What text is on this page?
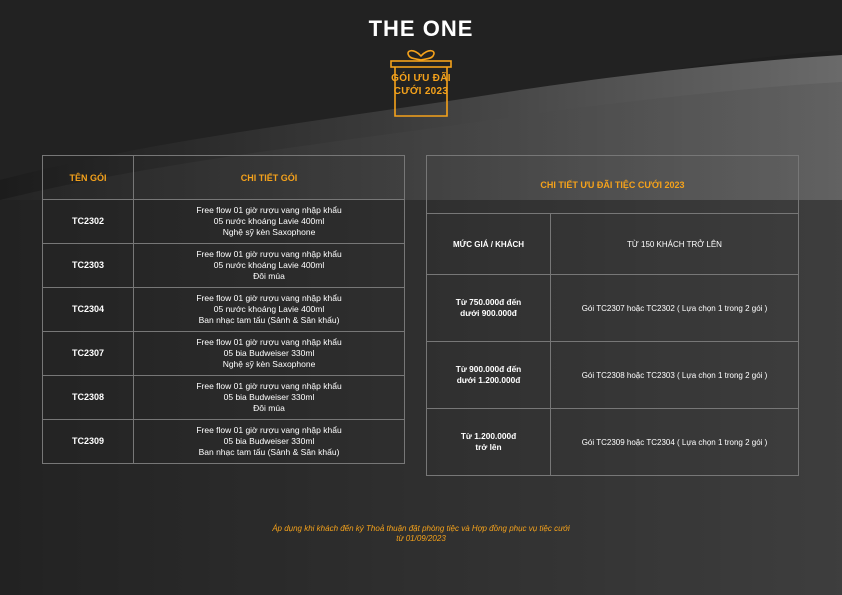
THE ONE
GÓI ƯU ĐÃI
CƯỚI 2023
TÊN GÓI	CHI TIẾT GÓI
TC2302	Free flow 01 giờ rượu vang nhập khẩu
05 nước khoáng Lavie 400ml
Nghệ sỹ kèn Saxophone

TC2303	Free flow 01 giờ rượu vang nhập khẩu
05 nước khoáng Lavie 400ml
Đôi múa

TC2304	Free flow 01 giờ rượu vang nhập khẩu
05 nước khoáng Lavie 400ml
Ban nhạc tam tấu (Sảnh & Sân khấu)

TC2307	Free flow 01 giờ rượu vang nhập khẩu
05 bia Budweiser 330ml
Nghệ sỹ kèn Saxophone

TC2308	Free flow 01 giờ rượu vang nhập khẩu
05 bia Budweiser 330ml
Đôi múa

TC2309	Free flow 01 giờ rượu vang nhập khẩu
05 bia Budweiser 330ml
Ban nhạc tam tấu (Sảnh & Sân khấu)
CHI TIẾT ƯU ĐÃI TIỆC CƯỚI 2023	
MỨC GIÁ / KHÁCH	TỪ 150 KHÁCH TRỞ LÊN

Từ 750.000đ đến
dưới 900.000đ	Gói TC2307 hoặc TC2302 ( Lựa chọn 1 trong 2 gói )

Từ 900.000đ đến
dưới 1.200.000đ	Gói TC2308 hoặc TC2303 ( Lựa chọn 1 trong 2 gói )

Từ 1.200.000đ
trở lên	Gói TC2309 hoặc TC2304 ( Lựa chọn 1 trong 2 gói )
Áp dụng khi khách đến ký Thoả thuận đặt phòng tiệc và Hợp đồng phục vụ tiệc cưới
từ 01/09/2023
